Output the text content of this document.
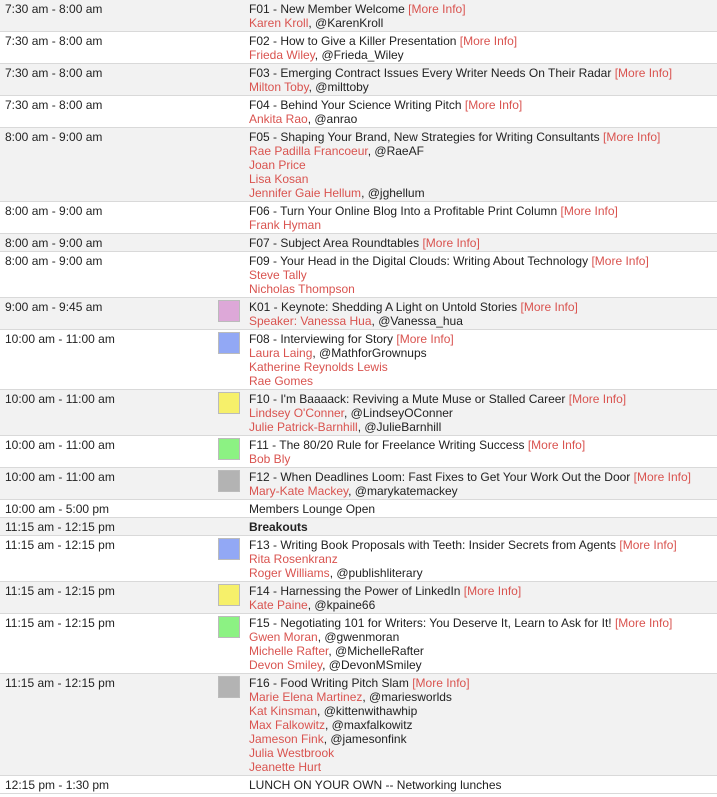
7:30 am - 8:00 am	F01 - New Member Welcome [More Info]
Karen Kroll, @KarenKroll
7:30 am - 8:00 am	F02 - How to Give a Killer Presentation [More Info]
Frieda Wiley, @Frieda_Wiley
7:30 am - 8:00 am	F03 - Emerging Contract Issues Every Writer Needs On Their Radar [More Info]
Milton Toby, @milttoby
7:30 am - 8:00 am	F04 - Behind Your Science Writing Pitch [More Info]
Ankita Rao, @anrao
8:00 am - 9:00 am	F05 - Shaping Your Brand, New Strategies for Writing Consultants [More Info]
Rae Padilla Francoeur, @RaeAF
Joan Price
Lisa Kosan
Jennifer Gaie Hellum, @jghellum
8:00 am - 9:00 am	F06 - Turn Your Online Blog Into a Profitable Print Column [More Info]
Frank Hyman
8:00 am - 9:00 am	F07 - Subject Area Roundtables [More Info]
8:00 am - 9:00 am	F09 - Your Head in the Digital Clouds: Writing About Technology [More Info]
Steve Tally
Nicholas Thompson
9:00 am - 9:45 am	K01 - Keynote: Shedding A Light on Untold Stories [More Info]
Speaker: Vanessa Hua, @Vanessa_hua
10:00 am - 11:00 am	F08 - Interviewing for Story [More Info]
Laura Laing, @MathforGrownups
Katherine Reynolds Lewis
Rae Gomes
10:00 am - 11:00 am	F10 - I'm Baaaack: Reviving a Mute Muse or Stalled Career [More Info]
Lindsey O'Conner, @LindseyOConner
Julie Patrick-Barnhill, @JulieBarnhill
10:00 am - 11:00 am	F11 - The 80/20 Rule for Freelance Writing Success [More Info]
Bob Bly
10:00 am - 11:00 am	F12 - When Deadlines Loom: Fast Fixes to Get Your Work Out the Door [More Info]
Mary-Kate Mackey, @marykatemackey
10:00 am - 5:00 pm	Members Lounge Open
11:15 am - 12:15 pm	Breakouts
11:15 am - 12:15 pm	F13 - Writing Book Proposals with Teeth: Insider Secrets from Agents [More Info]
Rita Rosenkranz
Roger Williams, @publishliterary
11:15 am - 12:15 pm	F14 - Harnessing the Power of LinkedIn [More Info]
Kate Paine, @kpaine66
11:15 am - 12:15 pm	F15 - Negotiating 101 for Writers: You Deserve It, Learn to Ask for It! [More Info]
Gwen Moran, @gwenmoran
Michelle Rafter, @MichelleRafter
Devon Smiley, @DevonMSmiley
11:15 am - 12:15 pm	F16 - Food Writing Pitch Slam [More Info]
Marie Elena Martinez, @mariesworlds
Kat Kinsman, @kittenwithawhip
Max Falkowitz, @maxfalkowitz
Jameson Fink, @jamesonfink
Julia Westbrook
Jeanette Hurt
12:15 pm - 1:30 pm	LUNCH ON YOUR OWN -- Networking lunches
